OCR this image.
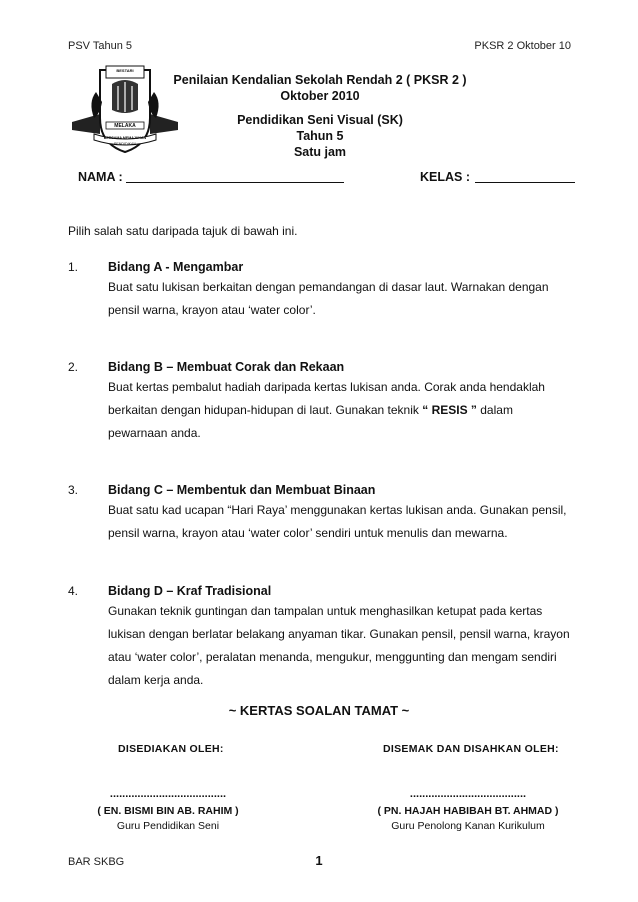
PSV Tahun 5	PKSR 2 Oktober 10
BESTARI
MELAKA
BERSAMA MEMAJUKAN
PENDIDIKAN
Penilaian Kendalian Sekolah Rendah 2 ( PKSR 2 )
Oktober 2010
Pendidikan Seni Visual (SK)
Tahun 5
Satu jam
NAMA :	KELAS :
Pilih salah satu daripada tajuk di bawah ini.
1. Bidang A - Mengambar
Buat satu lukisan berkaitan dengan pemandangan di dasar laut. Warnakan dengan pensil warna, krayon atau ‘water color’.
2. Bidang B – Membuat Corak dan Rekaan
Buat kertas pembalut hadiah daripada kertas lukisan anda. Corak anda hendaklah berkaitan dengan hidupan-hidupan di laut. Gunakan teknik “ RESIS ” dalam pewarnaan anda.
3. Bidang C – Membentuk dan Membuat Binaan
Buat satu kad ucapan “Hari Raya’ menggunakan kertas lukisan anda. Gunakan pensil, pensil warna, krayon atau ‘water color’ sendiri untuk menulis dan mewarna.
4. Bidang D – Kraf Tradisional
Gunakan teknik guntingan dan tampalan untuk menghasilkan ketupat pada kertas lukisan dengan berlatar belakang anyaman tikar. Gunakan pensil, pensil warna, krayon atau ‘water color’, peralatan menanda, mengukur, menggunting dan mengam sendiri dalam kerja anda.
~ KERTAS SOALAN TAMAT ~
DISEDIAKAN OLEH:	DISEMAK DAN DISAHKAN OLEH:
......................................	......................................
( EN. BISMI BIN AB. RAHIM )	( PN. HAJAH HABIBAH BT. AHMAD )
Guru Pendidikan Seni	Guru Penolong Kanan Kurikulum
BAR SKBG	1
